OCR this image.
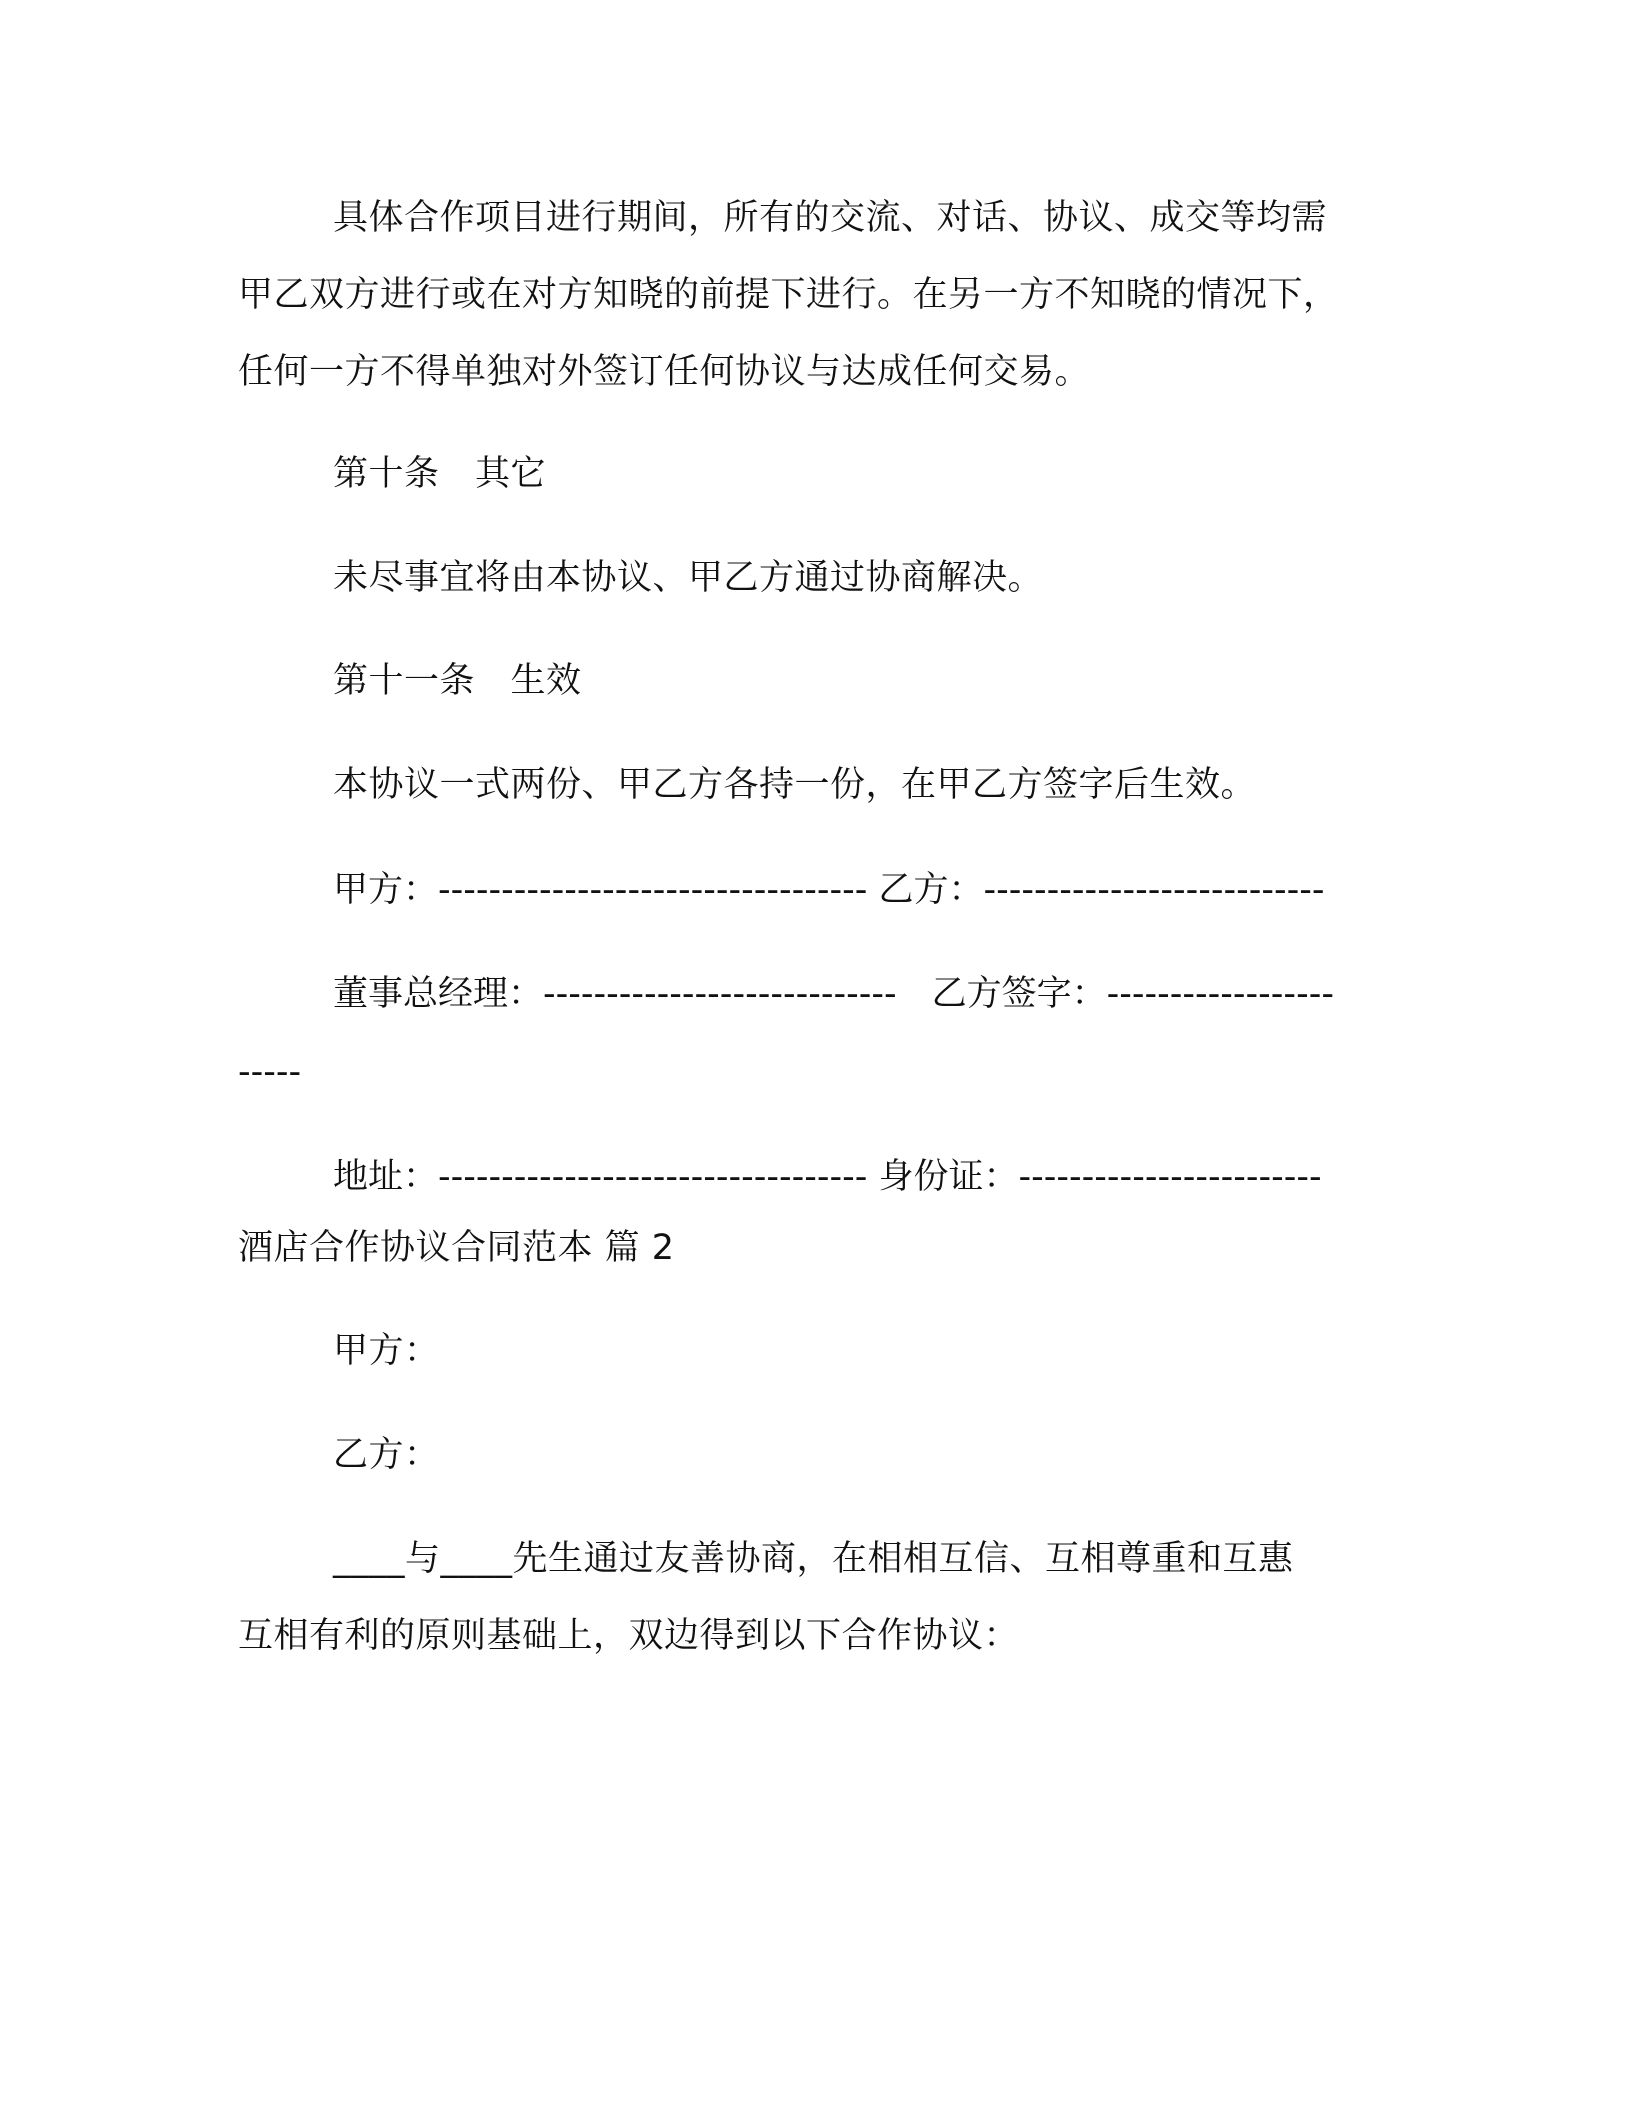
具体合作项目进行期间，所有的交流、对话、协议、成交等均需
甲乙双方进行或在对方知晓的前提下进行。在另一方不知晓的情况下，
任何一方不得单独对外签订任何协议与达成任何交易。
第十条　其它
未尽事宜将由本协议、甲乙方通过协商解决。
第十一条　生效
本协议一式两份、甲乙方各持一份，在甲乙方签字后生效。
甲方：---------------------------------- 乙方：---------------------------
董事总经理：----------------------------　乙方签字：------------------
-----
地址：---------------------------------- 身份证：------------------------
酒店合作协议合同范本 篇 2
甲方：
乙方：
____与____先生通过友善协商，在相相互信、互相尊重和互惠
互相有利的原则基础上，双边得到以下合作协议：
